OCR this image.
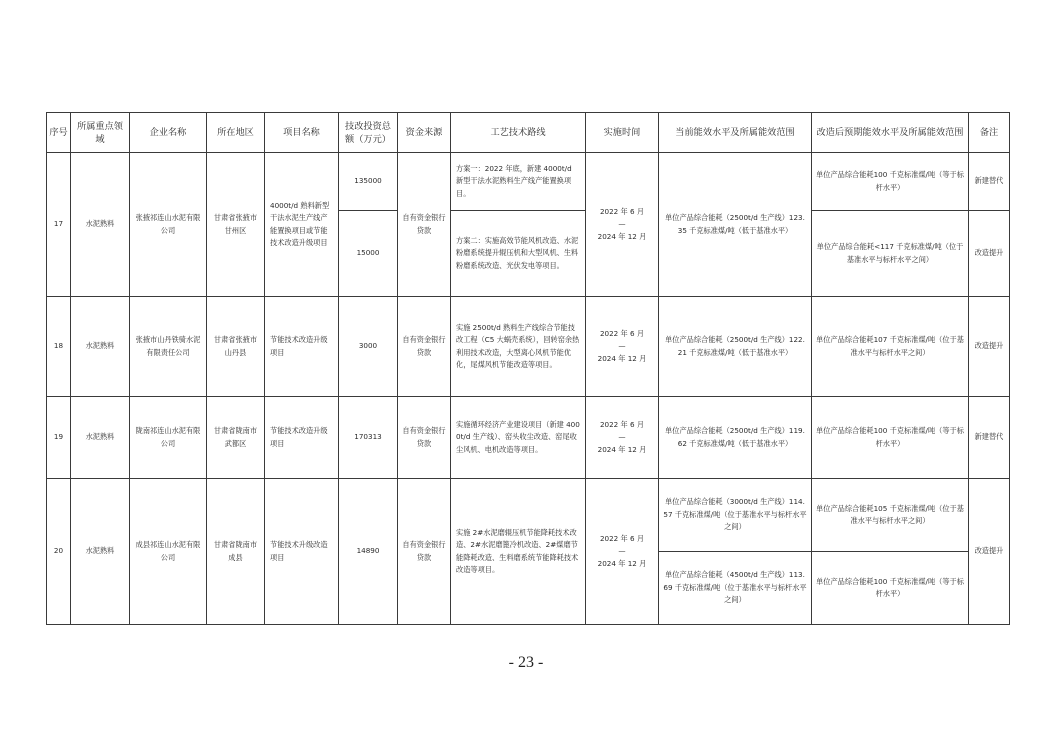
序号	所属重点领域	企业名称	所在地区	项目名称	技改投资总额（万元）	资金来源	工艺技术路线	实施时间	当前能效水平及所属能效范围	改造后预期能效水平及所属能效范围	备注
17	水泥熟料	张掖祁连山水泥有限公司	甘肃省张掖市甘州区	4000t/d 熟料新型干法水泥生产线产能置换项目或节能技术改造升级项目	135000	自有资金银行贷款	方案一：2022 年底，新建 4000t/d 新型干法水泥熟料生产线产能置换项目。	2022 年 6 月
—
2024 年 12 月	单位产品综合能耗（2500t/d 生产线）123.35 千克标准煤/吨（低于基准水平）	单位产品综合能耗100 千克标准煤/吨（等于标杆水平）	新建替代
					15000		方案二：实施高效节能风机改造、水泥粉磨系统提升辊压机和大型风机、生料粉磨系统改造、光伏发电等项目。			单位产品综合能耗<117 千克标准煤/吨（位于基准水平与标杆水平之间）	改造提升
18	水泥熟料	张掖市山丹铁骑水泥有限责任公司	甘肃省张掖市山丹县	节能技术改造升级项目	3000	自有资金银行贷款	实施 2500t/d 熟料生产线综合节能技改工程（C5 大蜗壳系统），回转窑余热利用技术改造，大型离心风机节能优化，尾煤风机节能改造等项目。	2022 年 6 月
—
2024 年 12 月	单位产品综合能耗（2500t/d 生产线）122.21 千克标准煤/吨（低于基准水平）	单位产品综合能耗107 千克标准煤/吨（位于基准水平与标杆水平之间）	改造提升
19	水泥熟料	陇南祁连山水泥有限公司	甘肃省陇南市武都区	节能技术改造升级项目	170313	自有资金银行贷款	实施循环经济产业建设项目（新建 4000t/d 生产线）、窑头收尘改造、窑尾收尘风机、电机改造等项目。	2022 年 6 月
—
2024 年 12 月	单位产品综合能耗（2500t/d 生产线）119.62 千克标准煤/吨（低于基准水平）	单位产品综合能耗100 千克标准煤/吨（等于标杆水平）	新建替代
20	水泥熟料	成县祁连山水泥有限公司	甘肃省陇南市成县	节能技术升级改造项目	14890	自有资金银行贷款	实施 2#水泥磨辊压机节能降耗技术改造、2#水泥磨篦冷机改造、2#煤磨节能降耗改造、生料磨系统节能降耗技术改造等项目。	2022 年 6 月
—
2024 年 12 月	单位产品综合能耗（3000t/d 生产线）114.57 千克标准煤/吨（位于基准水平与标杆水平之间）	单位产品综合能耗105 千克标准煤/吨（位于基准水平与标杆水平之间）	改造提升
									单位产品综合能耗（4500t/d 生产线）113.69 千克标准煤/吨（位于基准水平与标杆水平之间）	单位产品综合能耗100 千克标准煤/吨（等于标杆水平）	
- 23 -
